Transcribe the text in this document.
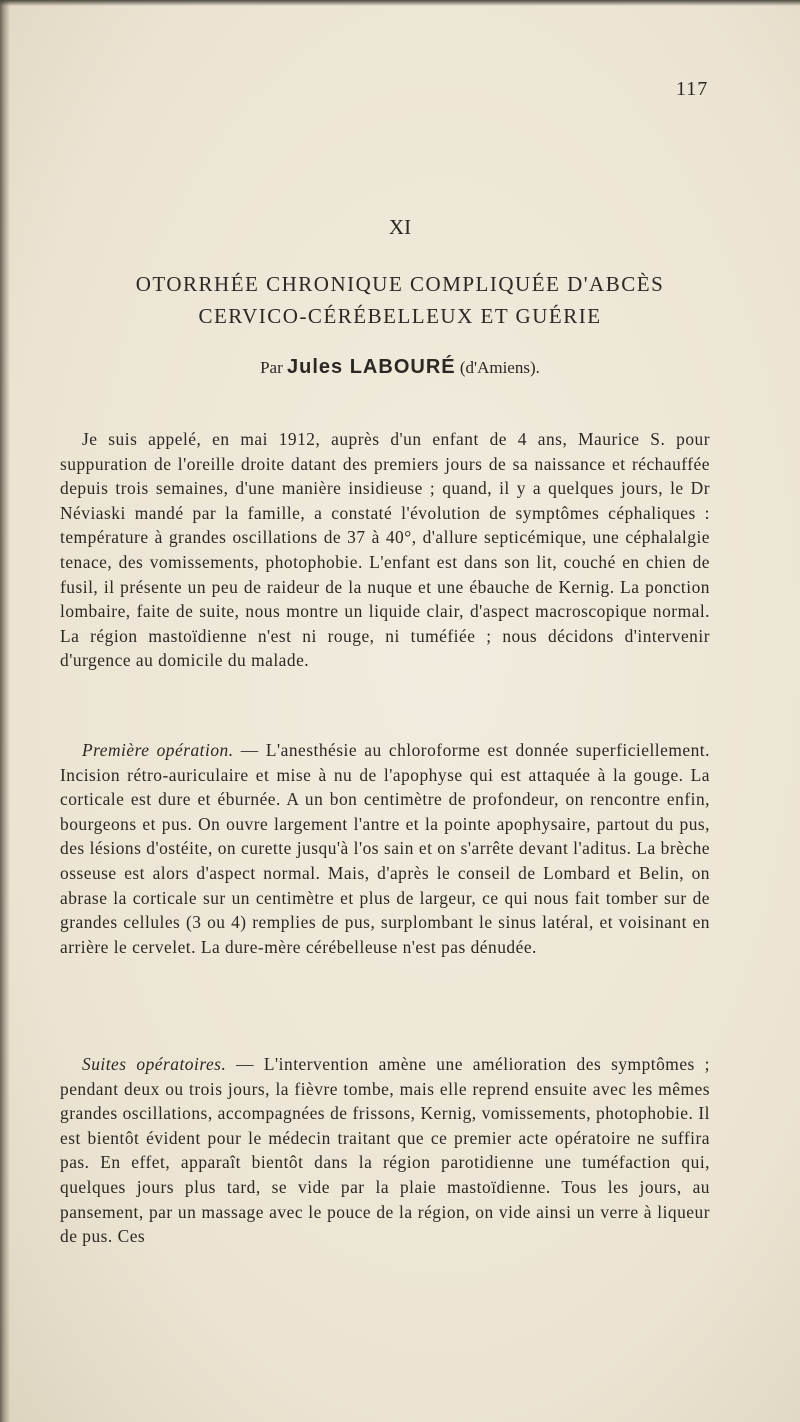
117
XI
OTORRHÉE CHRONIQUE COMPLIQUÉE D'ABCÈS
CERVICO-CÉRÉBELLEUX ET GUÉRIE
Par Jules LABOURÉ (d'Amiens).

Je suis appelé, en mai 1912, auprès d'un enfant de 4 ans, Maurice S. pour suppuration de l'oreille droite datant des premiers jours de sa naissance et réchauffée depuis trois semaines, d'une manière insidieuse ; quand, il y a quelques jours, le Dr Néviaski mandé par la famille, a constaté l'évolution de symptômes céphaliques : température à grandes oscillations de 37 à 40°, d'allure septicémique, une céphalalgie tenace, des vomissements, photophobie. L'enfant est dans son lit, couché en chien de fusil, il présente un peu de raideur de la nuque et une ébauche de Kernig. La ponction lombaire, faite de suite, nous montre un liquide clair, d'aspect macroscopique normal. La région mastoïdienne n'est ni rouge, ni tuméfiée ; nous décidons d'intervenir d'urgence au domicile du malade.

Première opération. — L'anesthésie au chloroforme est donnée superficiellement. Incision rétro-auriculaire et mise à nu de l'apophyse qui est attaquée à la gouge. La corticale est dure et éburnée. A un bon centimètre de profondeur, on rencontre enfin, bourgeons et pus. On ouvre largement l'antre et la pointe apophysaire, partout du pus, des lésions d'ostéite, on curette jusqu'à l'os sain et on s'arrête devant l'aditus. La brèche osseuse est alors d'aspect normal. Mais, d'après le conseil de Lombard et Belin, on abrase la corticale sur un centimètre et plus de largeur, ce qui nous fait tomber sur de grandes cellules (3 ou 4) remplies de pus, surplombant le sinus latéral, et voisinant en arrière le cervelet. La dure-mère cérébelleuse n'est pas dénudée.

Suites opératoires. — L'intervention amène une amélioration des symptômes ; pendant deux ou trois jours, la fièvre tombe, mais elle reprend ensuite avec les mêmes grandes oscillations, accompagnées de frissons, Kernig, vomissements, photophobie. Il est bientôt évident pour le médecin traitant que ce premier acte opératoire ne suffira pas. En effet, apparaît bientôt dans la région parotidienne une tuméfaction qui, quelques jours plus tard, se vide par la plaie mastoïdienne. Tous les jours, au pansement, par un massage avec le pouce de la région, on vide ainsi un verre à liqueur de pus. Ces
